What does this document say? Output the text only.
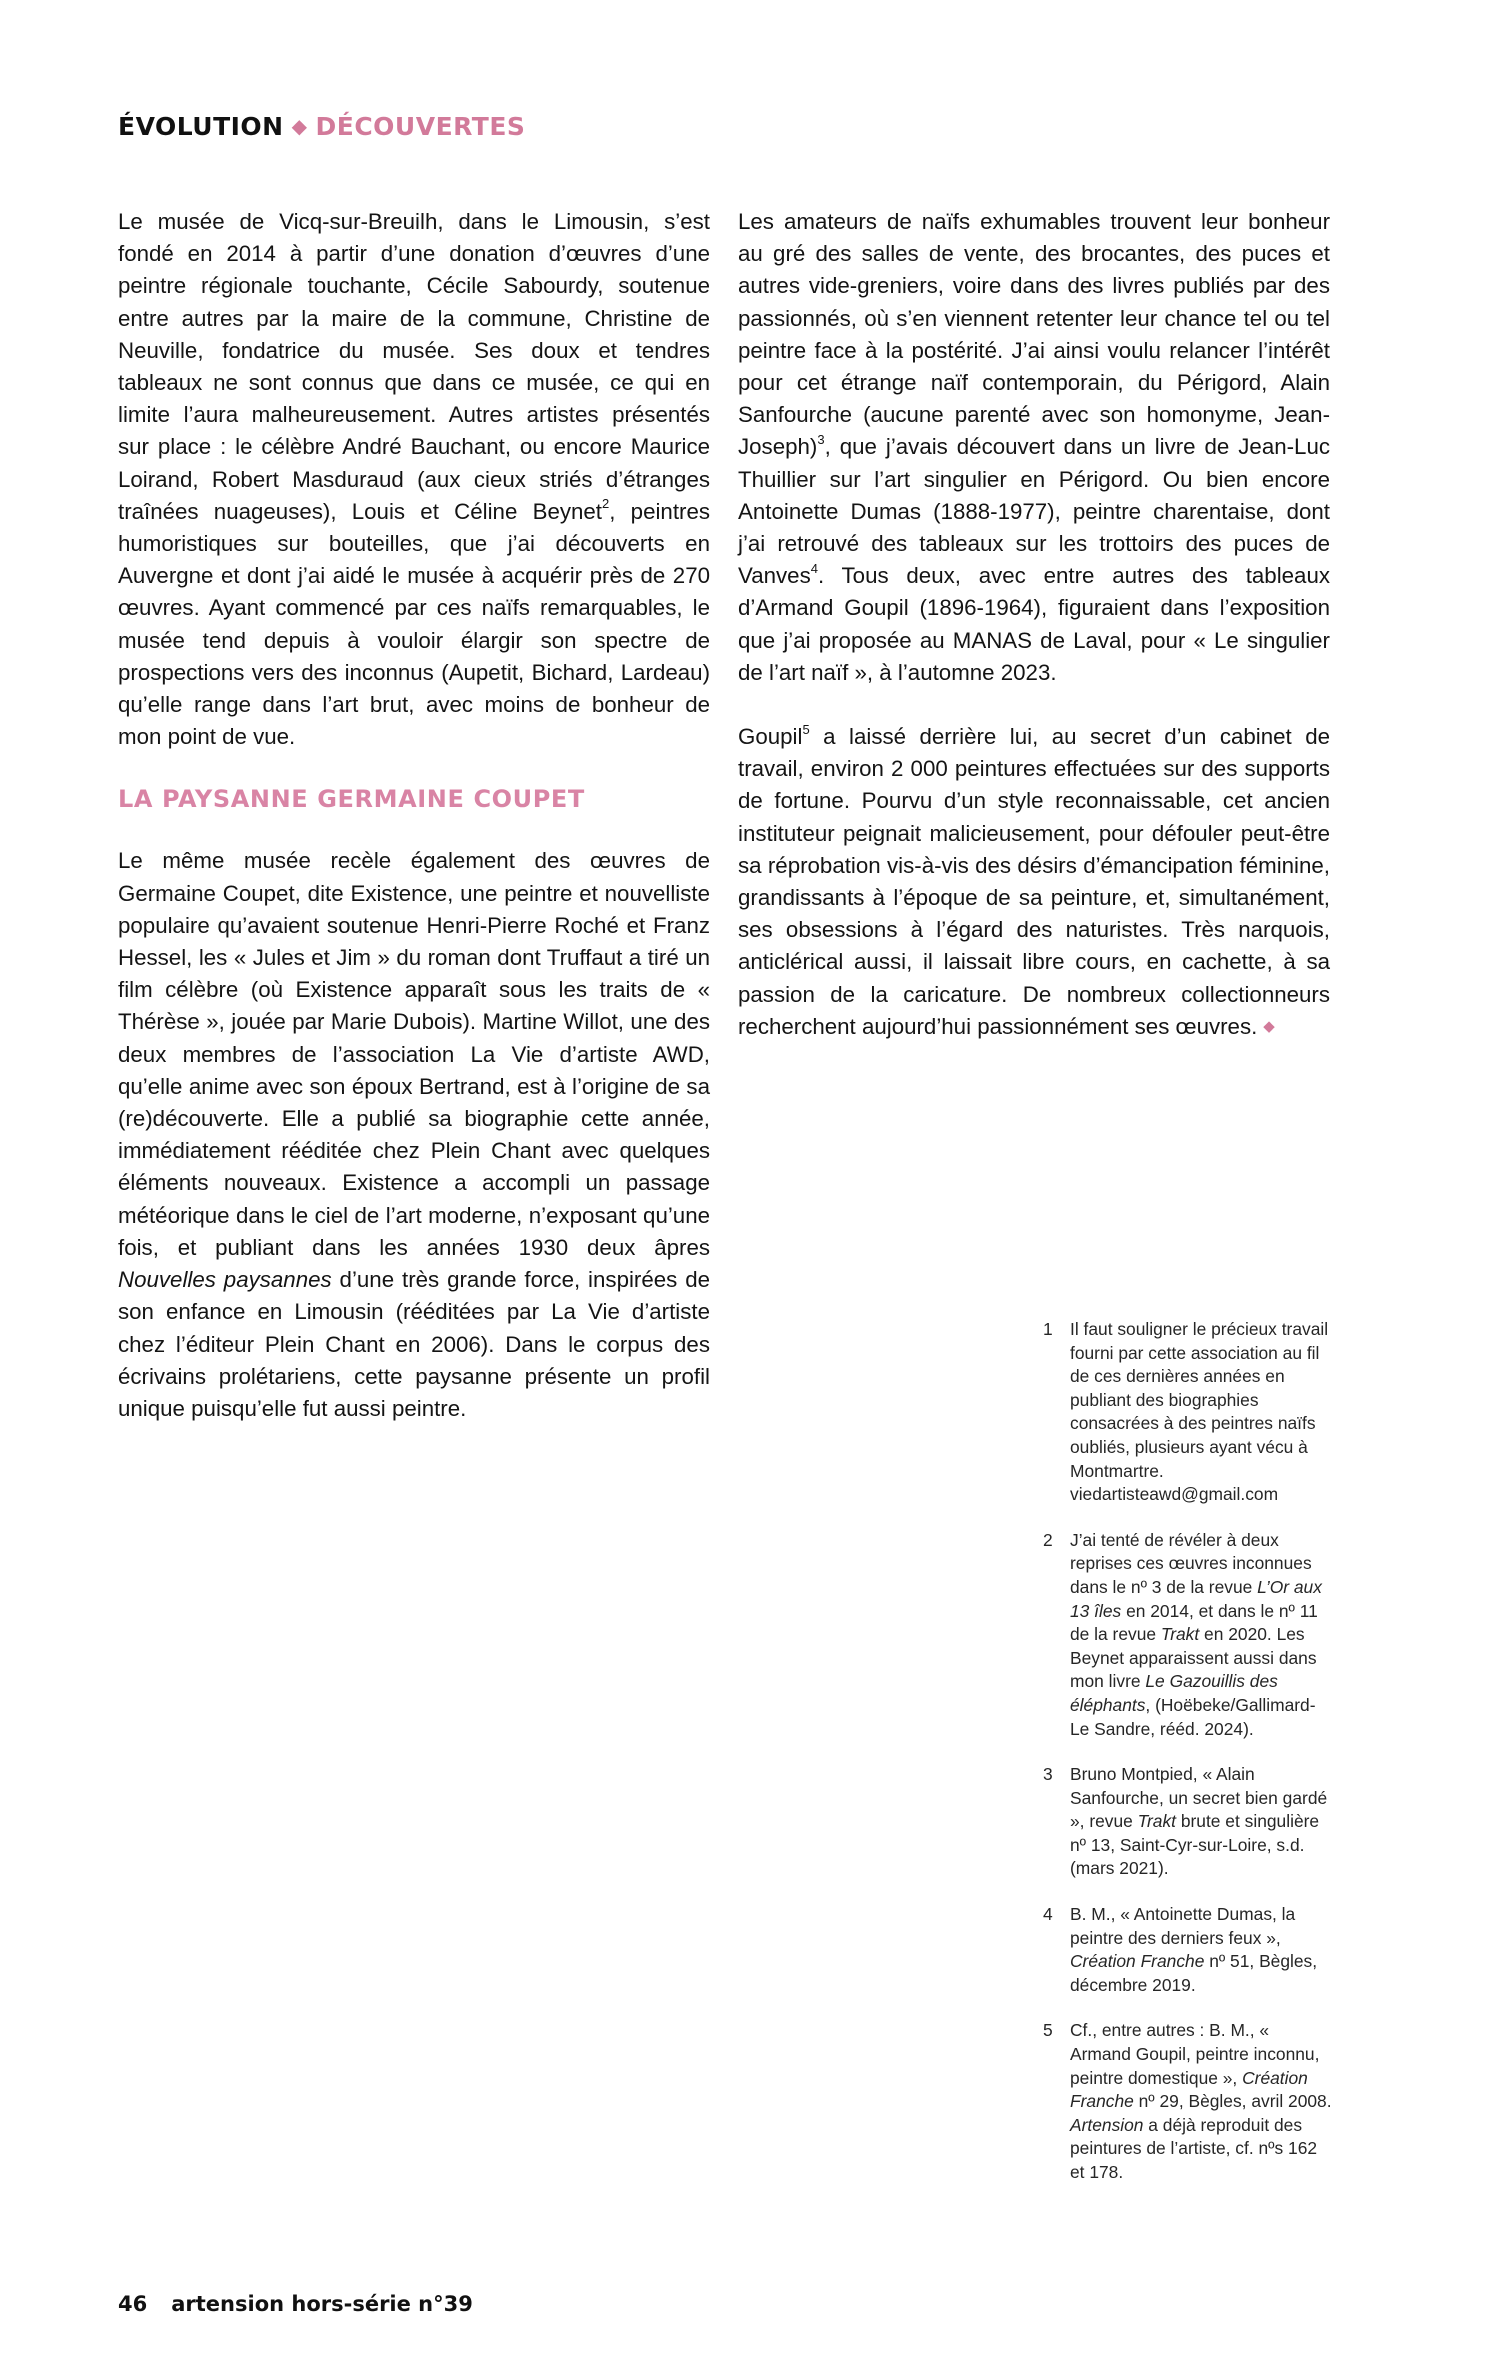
ÉVOLUTION ◆ DÉCOUVERTES

Le musée de Vicq-sur-Breuilh, dans le Limousin, s’est fondé en 2014 à partir d’une donation d’œuvres d’une peintre régionale touchante, Cécile Sabourdy, soutenue entre autres par la maire de la commune, Christine de Neuville, fondatrice du musée. Ses doux et tendres tableaux ne sont connus que dans ce musée, ce qui en limite l’aura malheureusement. Autres artistes présentés sur place : le célèbre André Bauchant, ou encore Maurice Loirand, Robert Masduraud (aux cieux striés d’étranges traînées nuageuses), Louis et Céline Beynet$^2$, peintres humoristiques sur bouteilles, que j’ai découverts en Auvergne et dont j’ai aidé le musée à acquérir près de 270 œuvres. Ayant commencé par ces naïfs remarquables, le musée tend depuis à vouloir élargir son spectre de prospections vers des inconnus (Aupetit, Bichard, Lardeau) qu’elle range dans l’art brut, avec moins de bonheur de mon point de vue.

LA PAYSANNE GERMAINE COUPET

Le même musée recèle également des œuvres de Germaine Coupet, dite Existence, une peintre et nouvelliste populaire qu’avaient soutenue Henri-Pierre Roché et Franz Hessel, les « Jules et Jim » du roman dont Truffaut a tiré un film célèbre (où Existence apparaît sous les traits de « Thérèse », jouée par Marie Dubois). Martine Willot, une des deux membres de l’association La Vie d’artiste AWD, qu’elle anime avec son époux Bertrand, est à l’origine de sa (re)découverte. Elle a publié sa biographie cette année, immédiatement rééditée chez Plein Chant avec quelques éléments nouveaux. Existence a accompli un passage météorique dans le ciel de l’art moderne, n’exposant qu’une fois, et publiant dans les années 1930 deux âpres Nouvelles paysannes d’une très grande force, inspirées de son enfance en Limousin (rééditées par La Vie d’artiste chez l’éditeur Plein Chant en 2006). Dans le corpus des écrivains prolétariens, cette paysanne présente un profil unique puisqu’elle fut aussi peintre.

Les amateurs de naïfs exhumables trouvent leur bonheur au gré des salles de vente, des brocantes, des puces et autres vide-greniers, voire dans des livres publiés par des passionnés, où s’en viennent retenter leur chance tel ou tel peintre face à la postérité. J’ai ainsi voulu relancer l’intérêt pour cet étrange naïf contemporain, du Périgord, Alain Sanfourche (aucune parenté avec son homonyme, Jean-Joseph)$^3$, que j’avais découvert dans un livre de Jean-Luc Thuillier sur l’art singulier en Périgord. Ou bien encore Antoinette Dumas (1888-1977), peintre charentaise, dont j’ai retrouvé des tableaux sur les trottoirs des puces de Vanves$^4$. Tous deux, avec entre autres des tableaux d’Armand Goupil (1896-1964), figuraient dans l’exposition que j’ai proposée au MANAS de Laval, pour « Le singulier de l’art naïf », à l’automne 2023.

Goupil$^5$ a laissé derrière lui, au secret d’un cabinet de travail, environ 2 000 peintures effectuées sur des supports de fortune. Pourvu d’un style reconnaissable, cet ancien instituteur peignait malicieusement, pour défouler peut-être sa réprobation vis-à-vis des désirs d’émancipation féminine, grandissants à l’époque de sa peinture, et, simultanément, ses obsessions à l’égard des naturistes. Très narquois, anticlérical aussi, il laissait libre cours, en cachette, à sa passion de la caricature. De nombreux collectionneurs recherchent aujourd’hui passionnément ses œuvres. ◆

1 Il faut souligner le précieux travail fourni par cette association au fil de ces dernières années en publiant des biographies consacrées à des peintres naïfs oubliés, plusieurs ayant vécu à Montmartre. viedartisteawd@gmail.com
2 J’ai tenté de révéler à deux reprises ces œuvres inconnues dans le nº 3 de la revue L’Or aux 13 îles en 2014, et dans le nº 11 de la revue Trakt en 2020. Les Beynet apparaissent aussi dans mon livre Le Gazouillis des éléphants, (Hoëbeke/Gallimard-Le Sandre, rééd. 2024).
3 Bruno Montpied, « Alain Sanfourche, un secret bien gardé », revue Trakt brute et singulière nº 13, Saint-Cyr-sur-Loire, s.d. (mars 2021).
4 B. M., « Antoinette Dumas, la peintre des derniers feux », Création Franche nº 51, Bègles, décembre 2019.
5 Cf., entre autres : B. M., « Armand Goupil, peintre inconnu, peintre domestique », Création Franche nº 29, Bègles, avril 2008. Artension a déjà reproduit des peintures de l’artiste, cf. nºs 162 et 178.
46 artension hors-série n°39
